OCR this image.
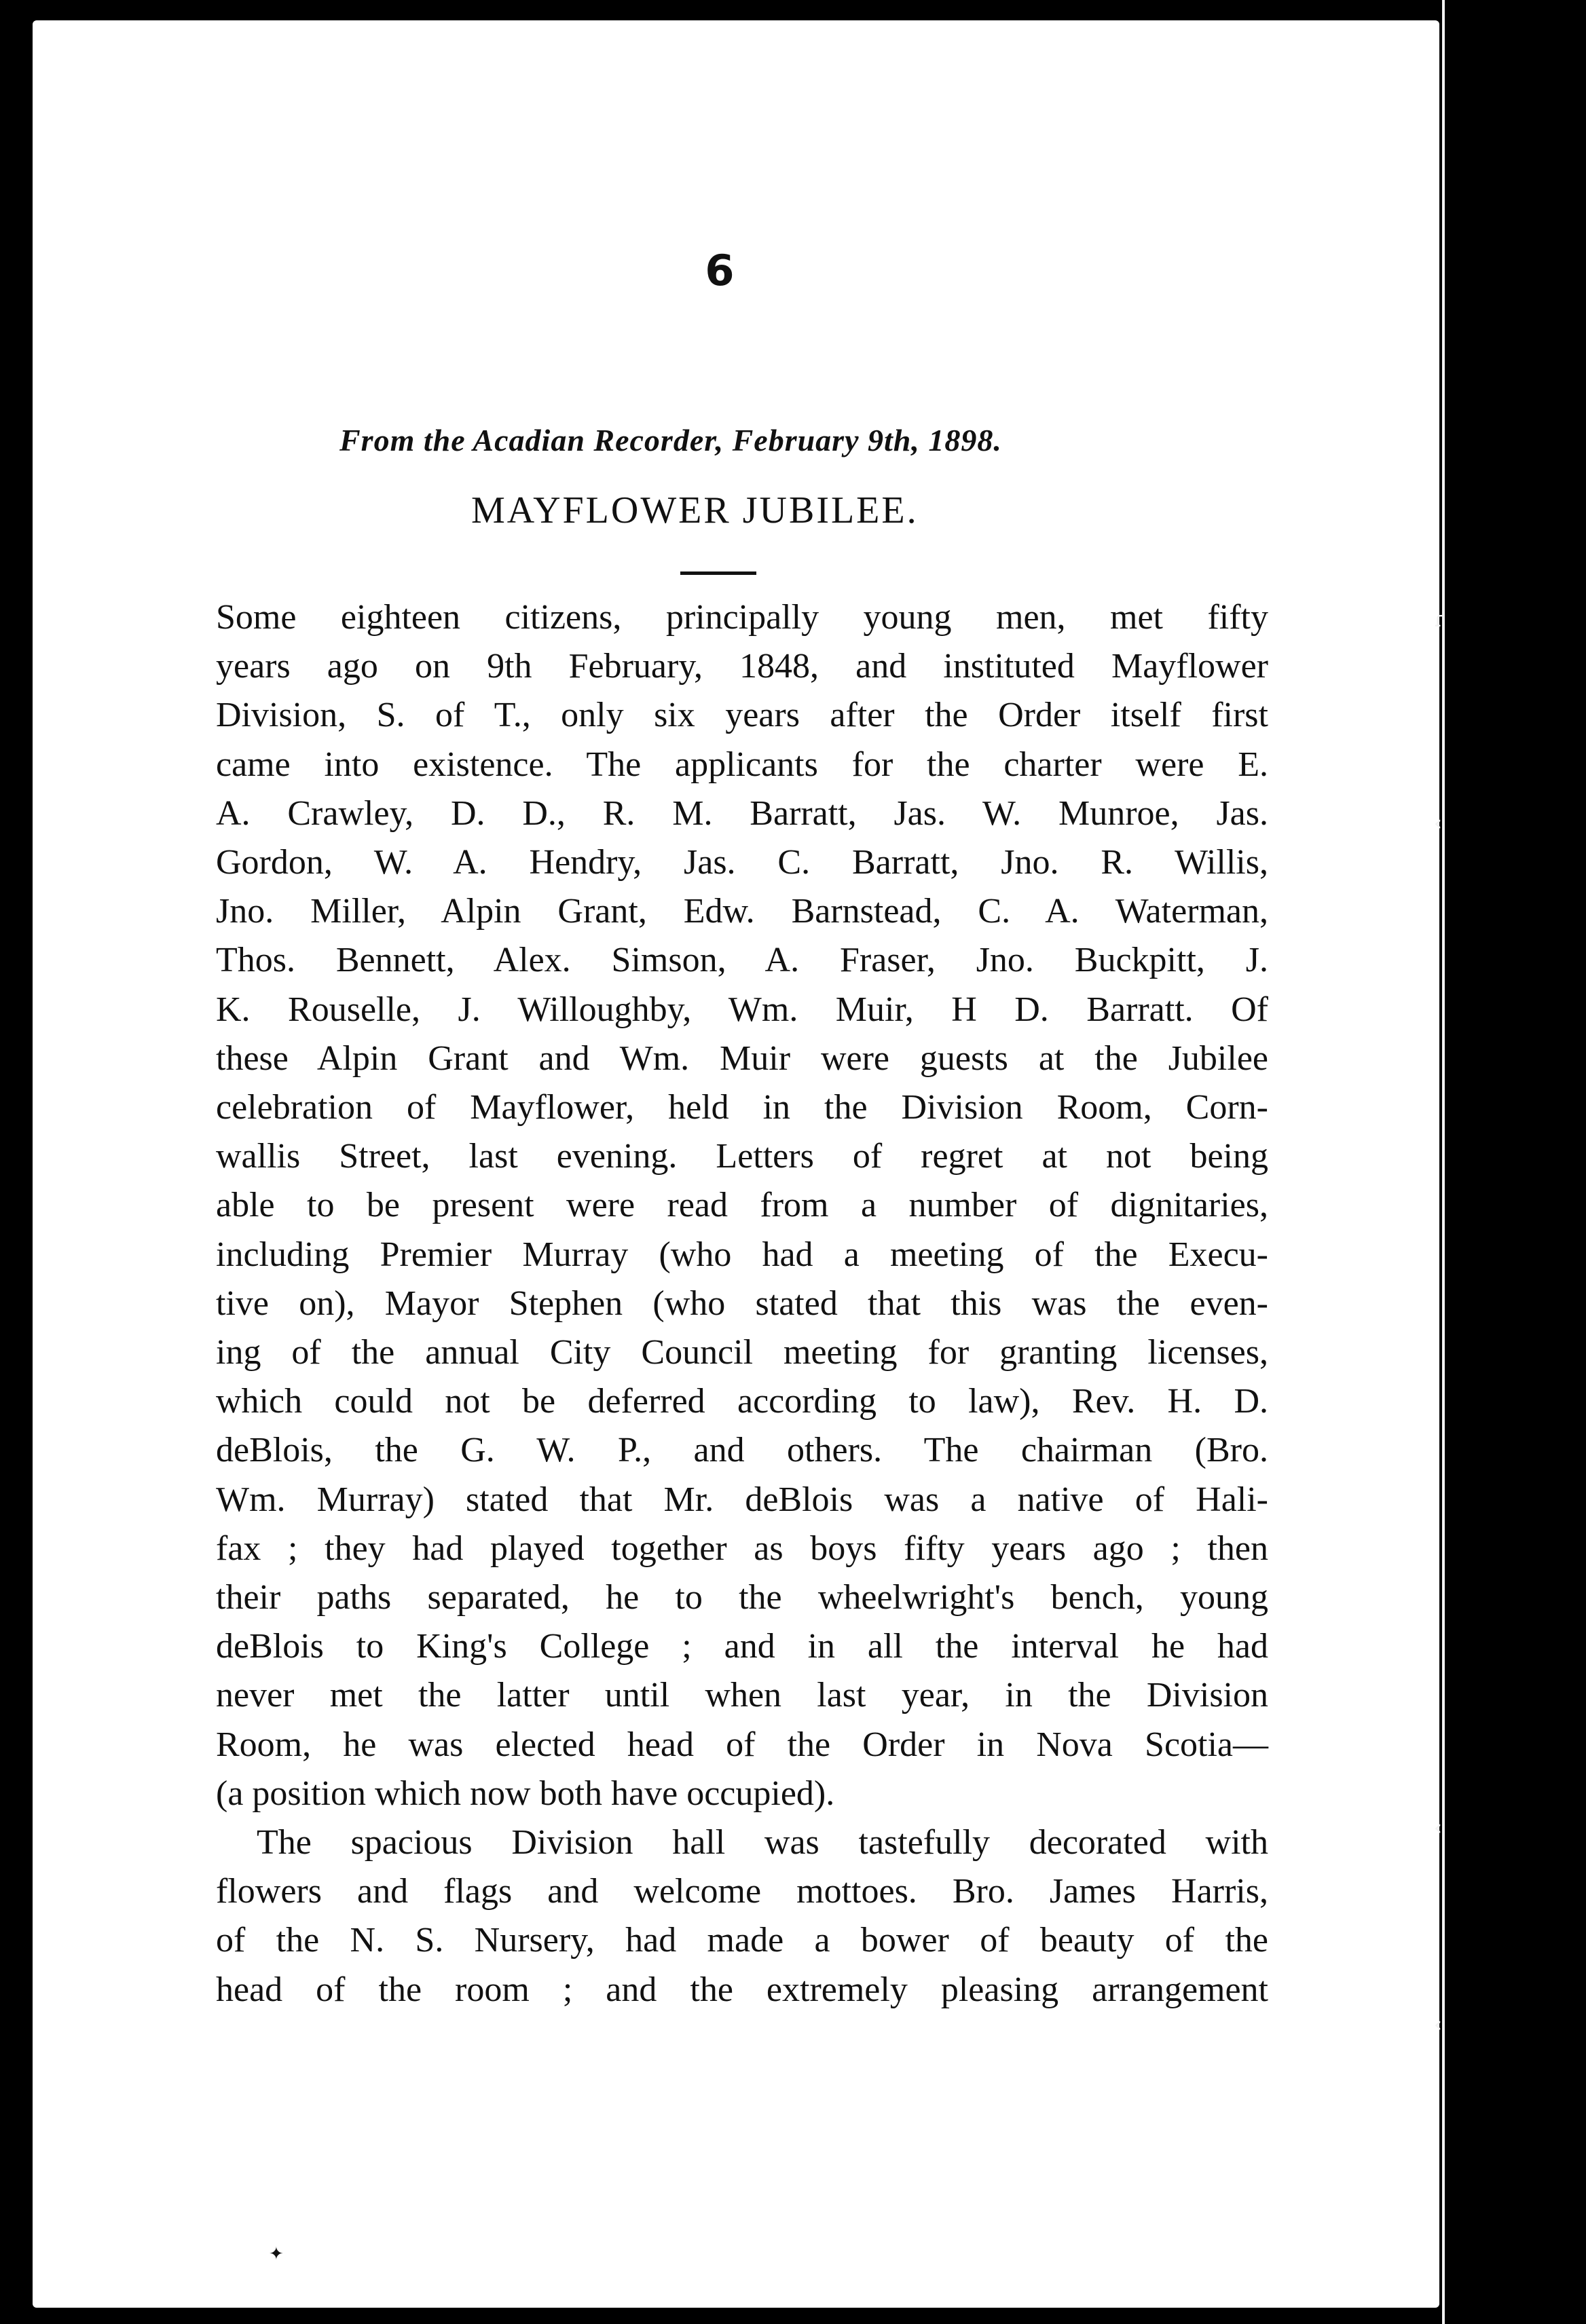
6
From the Acadian Recorder, February 9th, 1898.
MAYFLOWER JUBILEE.
Some eighteen citizens, principally young men, met fifty
years ago on 9th February, 1848, and instituted Mayflower
Division, S. of T., only six years after the Order itself first
came into existence. The applicants for the charter were E.
A. Crawley, D. D., R. M. Barratt, Jas. W. Munroe, Jas.
Gordon, W. A. Hendry, Jas. C. Barratt, Jno. R. Willis,
Jno. Miller, Alpin Grant, Edw. Barnstead, C. A. Waterman,
Thos. Bennett, Alex. Simson, A. Fraser, Jno. Buckpitt, J.
K. Rouselle, J. Willoughby, Wm. Muir, H D. Barratt. Of
these Alpin Grant and Wm. Muir were guests at the Jubilee
celebration of Mayflower, held in the Division Room, Corn-
wallis Street, last evening. Letters of regret at not being
able to be present were read from a number of dignitaries,
including Premier Murray (who had a meeting of the Execu-
tive on), Mayor Stephen (who stated that this was the even-
ing of the annual City Council meeting for granting licenses,
which could not be deferred according to law), Rev. H. D.
deBlois, the G. W. P., and others. The chairman (Bro.
Wm. Murray) stated that Mr. deBlois was a native of Hali-
fax ; they had played together as boys fifty years ago ; then
their paths separated, he to the wheelwright's bench, young
deBlois to King's College ; and in all the interval he had
never met the latter until when last year, in the Division
Room, he was elected head of the Order in Nova Scotia—
(a position which now both have occupied).
The spacious Division hall was tastefully decorated with
flowers and flags and welcome mottoes. Bro. James Harris,
of the N. S. Nursery, had made a bower of beauty of the
head of the room ; and the extremely pleasing arrangement
ɾ
‹
‹
‹
✦
